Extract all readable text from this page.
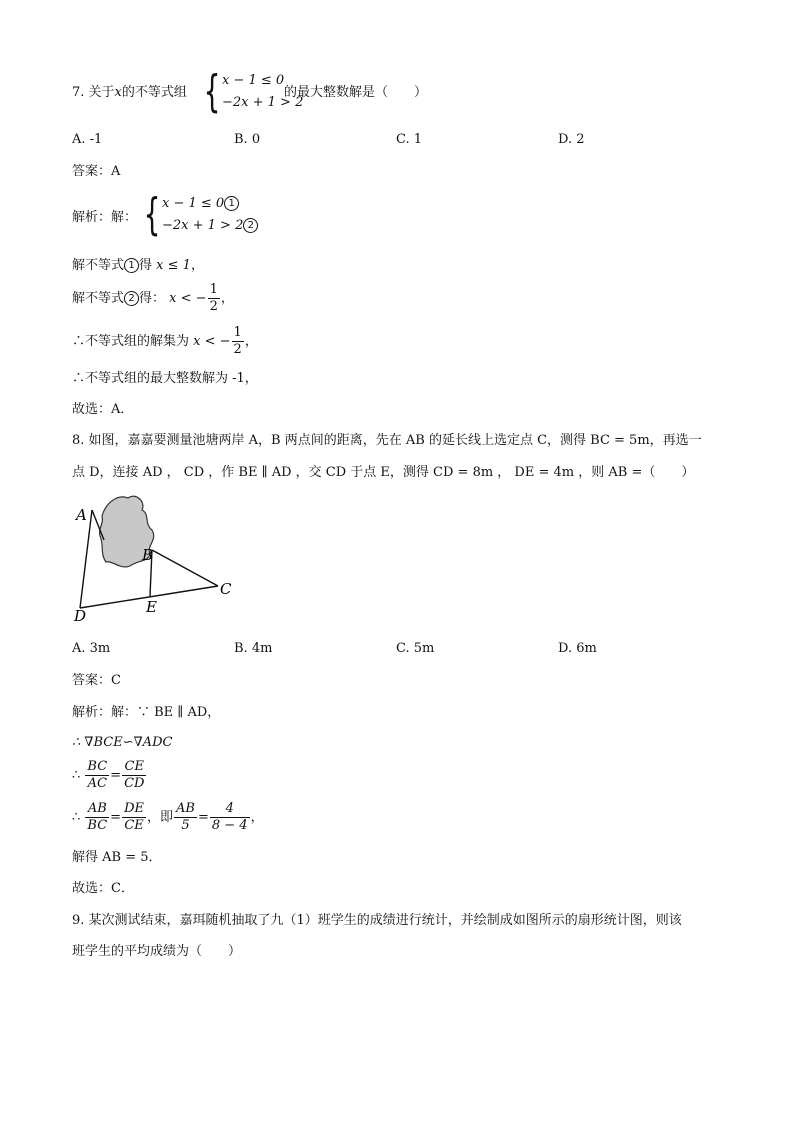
7. 关于x的不等式组 { x − 1 ≤ 0
−2x + 1 > 2
的最大整数解是（　　）
A. -1	B. 0	C. 1	D. 2
答案：A
解析：解： { x − 1 ≤ 0 1
−2x + 1 > 2 2
解不等式 1 得 x ≤ 1，
解不等式 2 得： x < − $\frac{1}{2}$ ，
∴不等式组的解集为 x < − $\frac{1}{2}$ ，
∴不等式组的最大整数解为 -1，
故选：A．
8. 如图，嘉嘉要测量池塘两岸 A，B 两点间的距离，先在 AB 的延长线上选定点 C，测得 BC = 5m，再选一
点 D，连接 AD ， CD ，作 BE ∥ AD ，交 CD 于点 E，测得 CD = 8m ， DE = 4m ，则 AB =（　　）
A
B
C
D	E
A. 3m	B. 4m	C. 5m	D. 6m
答案：C
解析：解：∵ BE ∥ AD，
∴ ∇BCE∽∇ADC
∴ $\frac{BC}{AC} = \frac{CE}{CD}$
∴ $\frac{AB}{BC} = \frac{DE}{CE}$ ，即 $\frac{AB}{5} = \frac{4}{8 - 4}$ ，
解得 AB = 5．
故选：C．
9. 某次测试结束，嘉珥随机抽取了九（1）班学生的成绩进行统计，并绘制成如图所示的扇形统计图，则该
班学生的平均成绩为（　　）
